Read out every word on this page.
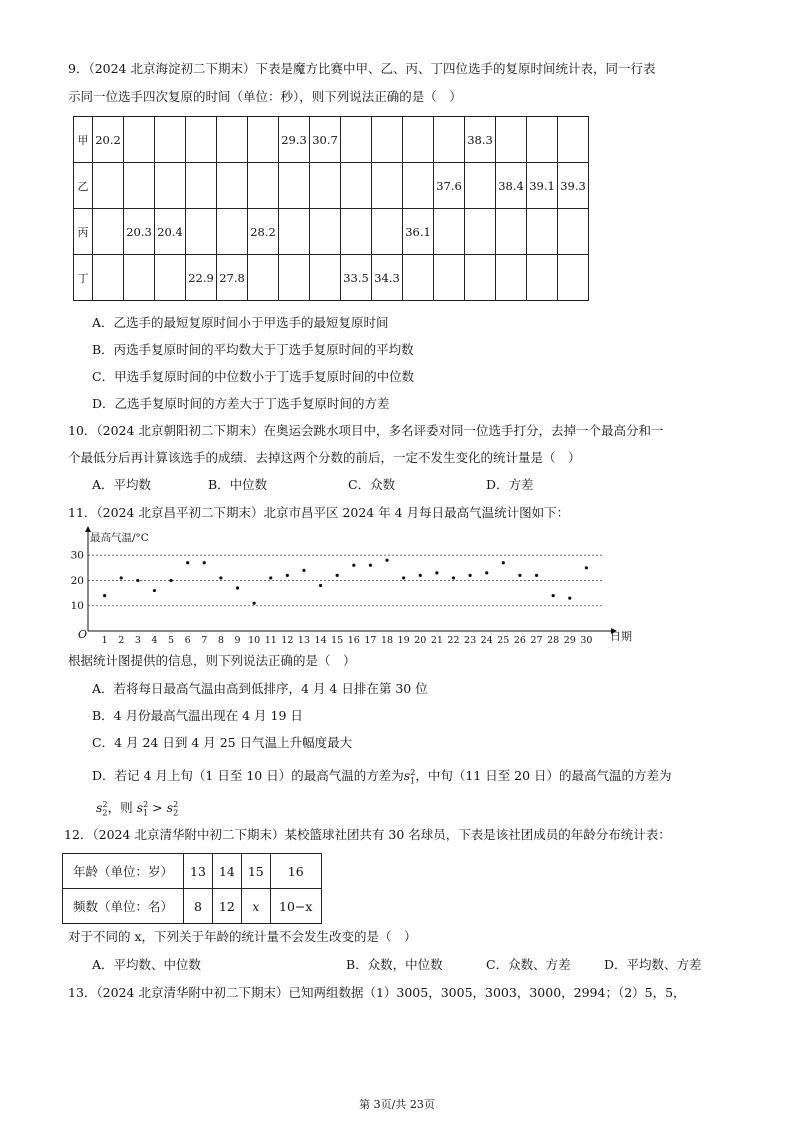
9．（2024 北京海淀初二下期末）下表是魔方比赛中甲、乙、丙、丁四位选手的复原时间统计表，同一行表
示同一位选手四次复原的时间（单位：秒），则下列说法正确的是（　）
甲	20.2						29.3	30.7					38.3			
乙												37.6		38.4	39.1	39.3
丙		20.3	20.4			28.2					36.1					
丁				22.9	27.8				33.5	34.3						
A．乙选手的最短复原时间小于甲选手的最短复原时间
B．丙选手复原时间的平均数大于丁选手复原时间的平均数
C．甲选手复原时间的中位数小于丁选手复原时间的中位数
D．乙选手复原时间的方差大于丁选手复原时间的方差
10．（2024 北京朝阳初二下期末）在奥运会跳水项目中，多名评委对同一位选手打分，去掉一个最高分和一
个最低分后再计算该选手的成绩．去掉这两个分数的前后，一定不发生变化的统计量是（　）
A．平均数	B．中位数	C．众数	D．方差
11．（2024 北京昌平初二下期末）北京市昌平区 2024 年 4 月每日最高气温统计图如下：
10
20
30
1 2 3 4 5 6 7 8 9 10 11 12 13 14 15 16 17 18 19 20 21 22 23 24 25 26 27 28 29 30
最高气温/°C
日期
O
根据统计图提供的信息，则下列说法正确的是（　）
A．若将每日最高气温由高到低排序，4 月 4 日排在第 30 位
B．4 月份最高气温出现在 4 月 19 日
C．4 月 24 日到 4 月 25 日气温上升幅度最大
D．若记 4 月上旬（1 日至 10 日）的最高气温的方差为$s_1^2$，中旬（11 日至 20 日）的最高气温的方差为
$s_2^2$，则 $s_1^2 > s_2^2$
12．（2024 北京清华附中初二下期末）某校篮球社团共有 30 名球员，下表是该社团成员的年龄分布统计表：
年龄（单位：岁）	13	14	15	16
频数（单位：名）	8	12	x	10−x
对于不同的 x，下列关于年龄的统计量不会发生改变的是（　）
A．平均数、中位数	B．众数，中位数	C．众数、方差	D．平均数、方差
13．（2024 北京清华附中初二下期末）已知两组数据（1）3005，3005，3003，3000，2994；（2）5，5，
第 3页/共 23页
